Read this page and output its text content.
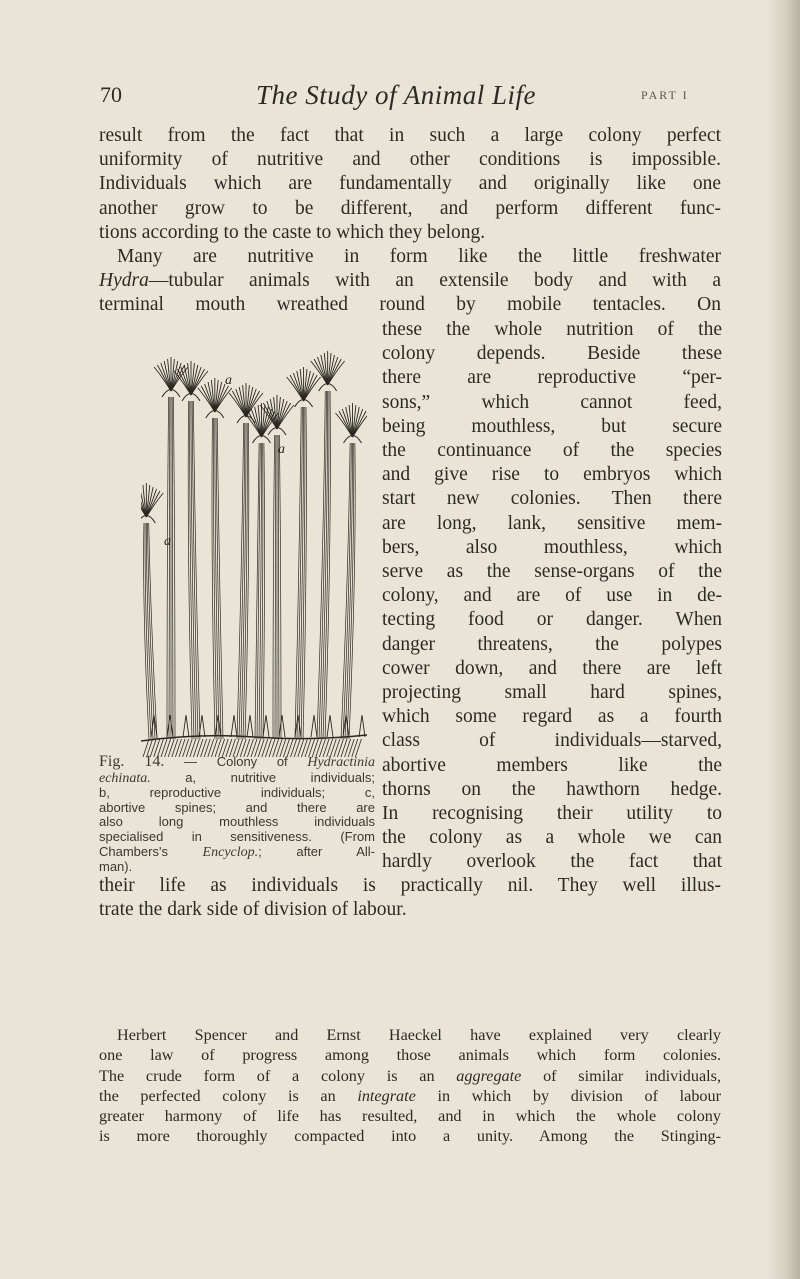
70	The Study of Animal Life	PART I
result from the fact that in such a large colony perfect
uniformity of nutritive and other conditions is impossible.
Individuals which are fundamentally and originally like one
another grow to be different, and perform different func-
tions according to the caste to which they belong.
Many are nutritive in form like the little freshwater
Hydra—tubular animals with an extensile body and with a
terminal mouth wreathed round by mobile tentacles. On
these the whole nutrition of the
colony depends. Beside these
there are reproductive “per-
sons,” which cannot feed,
being mouthless, but secure
the continuance of the species
and give rise to embryos which
start new colonies. Then there
are long, lank, sensitive mem-
bers, also mouthless, which
serve as the sense-organs of the
colony, and are of use in de-
tecting food or danger. When
danger threatens, the polypes
cower down, and there are left
projecting small hard spines,
which some regard as a fourth
class of individuals—starved,
abortive members like the
thorns on the hawthorn hedge.
In recognising their utility to
the colony as a whole we can
hardly overlook the fact that
a
a
a
Fig. 14. — Colony of Hydractinia
echinata. a, nutritive individuals;
b, reproductive individuals; c,
abortive spines; and there are
also long mouthless individuals
specialised in sensitiveness. (From
Chambers's Encyclop.; after All-
man).
their life as individuals is practically nil. They well illus-
trate the dark side of division of labour.
Herbert Spencer and Ernst Haeckel have explained very clearly
one law of progress among those animals which form colonies.
The crude form of a colony is an aggregate of similar individuals,
the perfected colony is an integrate in which by division of labour
greater harmony of life has resulted, and in which the whole colony
is more thoroughly compacted into a unity. Among the Stinging-
